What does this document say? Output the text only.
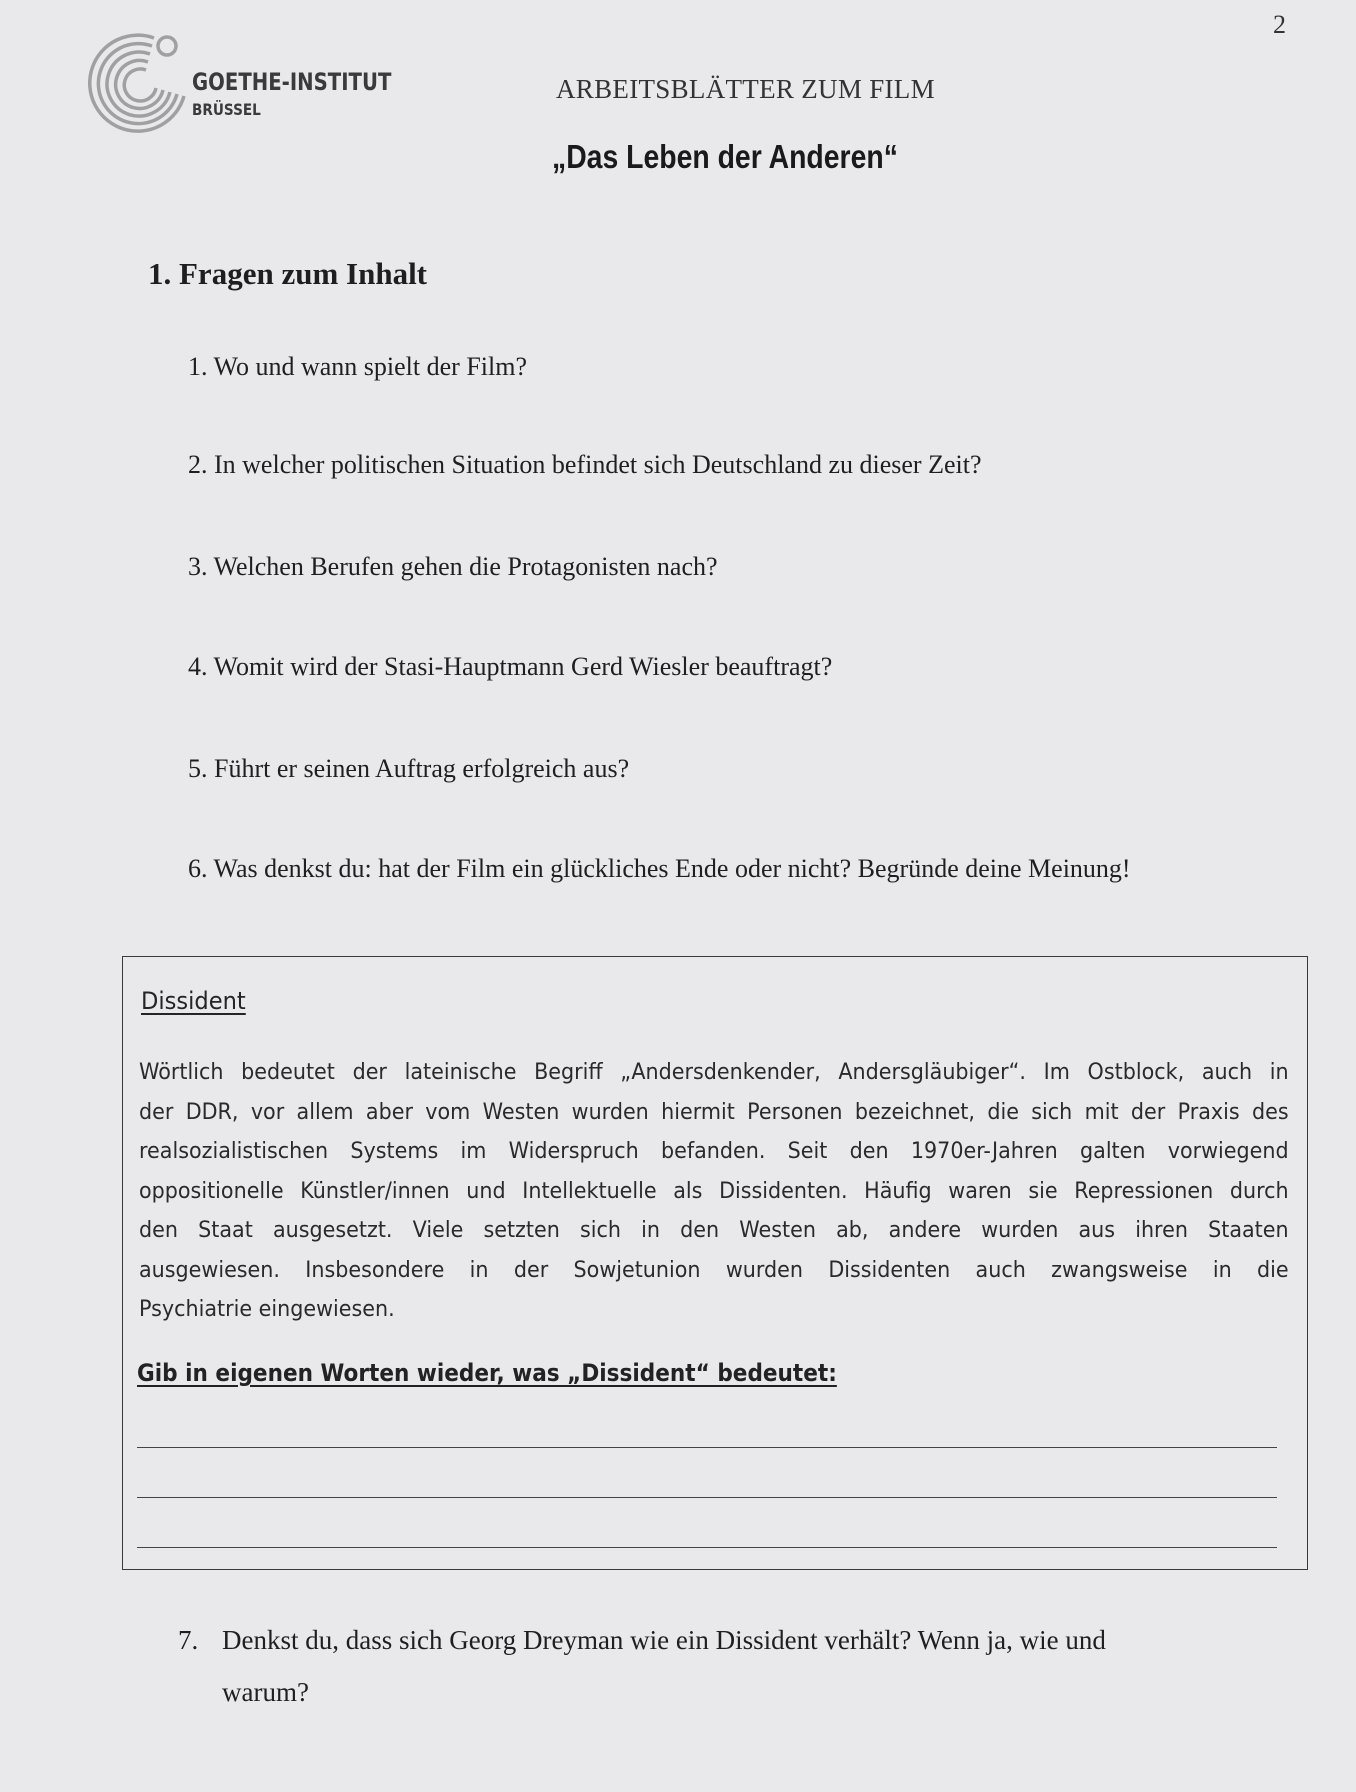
2
GOETHE-INSTITUT
BRÜSSEL
ARBEITSBLÄTTER ZUM FILM
„Das Leben der Anderen“
1. Fragen zum Inhalt
1. Wo und wann spielt der Film?
2. In welcher politischen Situation befindet sich Deutschland zu dieser Zeit?
3. Welchen Berufen gehen die Protagonisten nach?
4. Womit wird der Stasi-Hauptmann Gerd Wiesler beauftragt?
5. Führt er seinen Auftrag erfolgreich aus?
6. Was denkst du: hat der Film ein glückliches Ende oder nicht? Begründe deine Meinung!
Dissident
Wörtlich bedeutet der lateinische Begriff „Andersdenkender, Andersgläubiger“. Im Ostblock, auch in
der DDR, vor allem aber vom Westen wurden hiermit Personen bezeichnet, die sich mit der Praxis des
realsozialistischen Systems im Widerspruch befanden. Seit den 1970er-Jahren galten vorwiegend
oppositionelle Künstler/innen und Intellektuelle als Dissidenten. Häufig waren sie Repressionen durch
den Staat ausgesetzt. Viele setzten sich in den Westen ab, andere wurden aus ihren Staaten
ausgewiesen. Insbesondere in der Sowjetunion wurden Dissidenten auch zwangsweise in die
Psychiatrie eingewiesen.
Gib in eigenen Worten wieder, was „Dissident“ bedeutet:
7. Denkst du, dass sich Georg Dreyman wie ein Dissident verhält? Wenn ja, wie und
warum?
